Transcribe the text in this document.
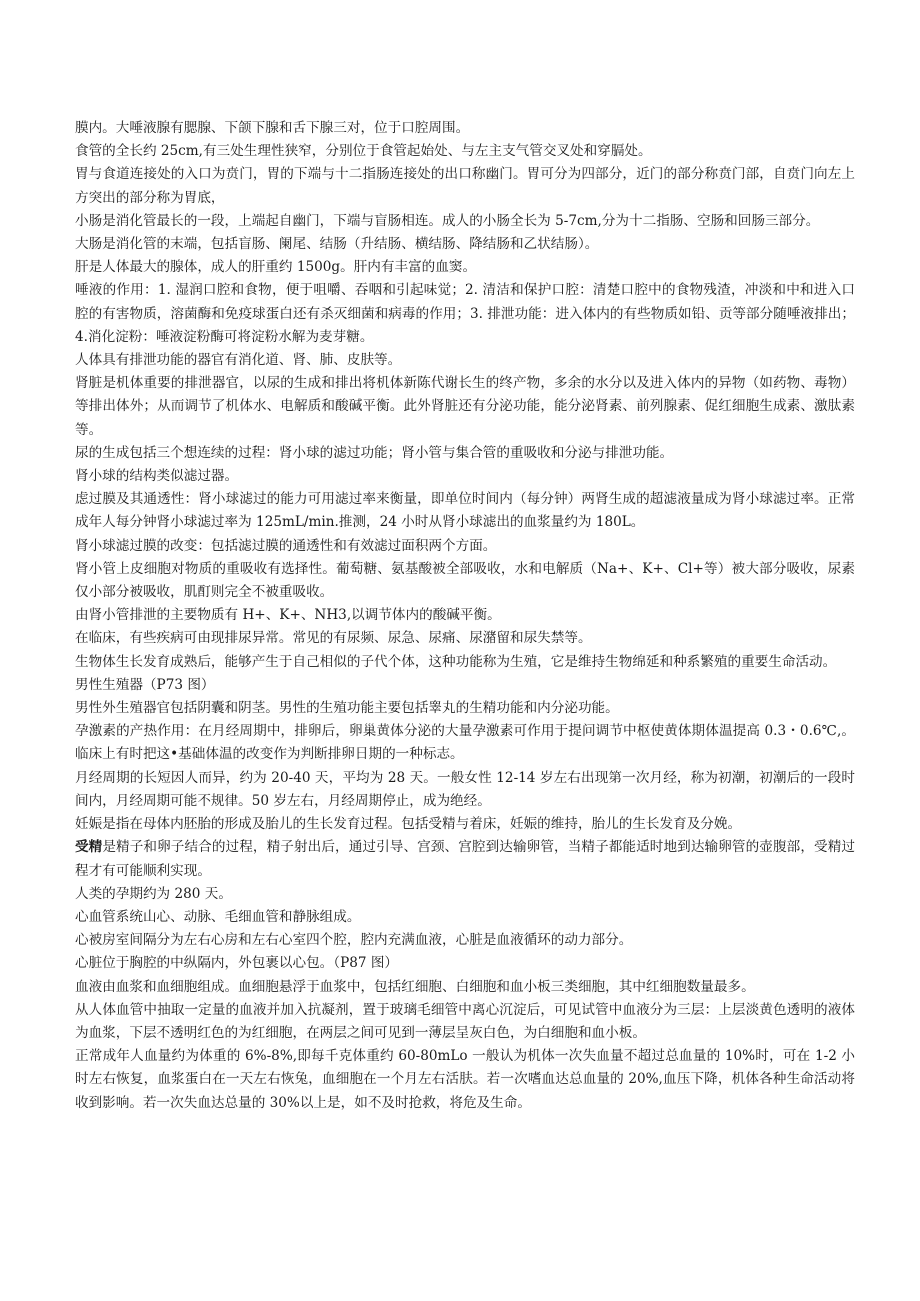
膜内。大唾液腺有腮腺、下颌下腺和舌下腺三对，位于口腔周围。

食管的全长约 25cm,有三处生理性狭窄，分别位于食管起始处、与左主支气管交叉处和穿膈处。

胃与食道连接处的入口为贲门，胃的下端与十二指肠连接处的出口称幽门。胃可分为四部分，近门的部分称贲门部，自贲门向左上方突出的部分称为胃底，

小肠是消化管最长的一段，上端起自幽门，下端与盲肠相连。成人的小肠全长为 5-7cm,分为十二指肠、空肠和回肠三部分。

大肠是消化管的末端，包括盲肠、阑尾、结肠（升结肠、横结肠、降结肠和乙状结肠）。

肝是人体最大的腺体，成人的肝重约 1500g。肝内有丰富的血窦。

唾液的作用：1. 湿润口腔和食物，便于咀嚼、吞咽和引起味觉；2. 清洁和保护口腔：清楚口腔中的食物残渣，冲淡和中和进入口腔的有害物质，溶菌酶和免疫球蛋白还有杀灭细菌和病毒的作用；3. 排泄功能：进入体内的有些物质如铅、贡等部分随唾液排出；4.消化淀粉：唾液淀粉酶可将淀粉水解为麦芽糖。

人体具有排泄功能的器官有消化道、肾、肺、皮肤等。

肾脏是机体重要的排泄器官，以尿的生成和排出将机体新陈代谢长生的终产物，多余的水分以及进入体内的异物（如药物、毒物）等排出体外；从而调节了机体水、电解质和酸碱平衡。此外肾脏还有分泌功能，能分泌肾素、前列腺素、促红细胞生成素、激肽素等。

尿的生成包括三个想连续的过程：肾小球的滤过功能；肾小管与集合管的重吸收和分泌与排泄功能。

肾小球的结构类似滤过器。

虑过膜及其通透性：肾小球滤过的能力可用滤过率来衡量，即单位时间内（每分钟）两肾生成的超滤液量成为肾小球滤过率。正常成年人每分钟肾小球滤过率为 125mL/min.推测，24 小时从肾小球滤出的血浆量约为 180L。

肾小球滤过膜的改变：包括滤过膜的通透性和有效滤过面积两个方面。

肾小管上皮细胞对物质的重吸收有选择性。葡萄糖、氨基酸被全部吸收，水和电解质（Na+、K+、Cl+等）被大部分吸收，尿素仅小部分被吸收，肌酊则完全不被重吸收。

由肾小管排泄的主要物质有 H+、K+、NH3,以调节体内的酸碱平衡。

在临床，有些疾病可由现排尿异常。常见的有尿频、尿急、尿痛、尿潴留和尿失禁等。

生物体生长发育成熟后，能够产生于自己相似的子代个体，这种功能称为生殖，它是维持生物绵延和种系繁殖的重要生命活动。

男性生殖器（P73 图）

男性外生殖器官包括阴囊和阴茎。男性的生殖功能主要包括睾丸的生精功能和内分泌功能。

孕激素的产热作用：在月经周期中，排卵后，卵巢黄体分泌的大量孕激素可作用于提问调节中枢使黄体期体温提高 0.3・0.6℃,。临床上有时把这•基础体温的改变作为判断排卵日期的一种标志。

月经周期的长短因人而异，约为 20-40 天，平均为 28 天。一般女性 12-14 岁左右出现第一次月经，称为初潮，初潮后的一段时间内，月经周期可能不规律。50 岁左右，月经周期停止，成为绝经。

妊娠是指在母体内胚胎的形成及胎儿的生长发育过程。包括受精与着床，妊娠的维持，胎儿的生长发育及分娩。

受精是精子和卵子结合的过程，精子射出后，通过引导、宫颈、宫腔到达输卵管，当精子都能适时地到达输卵管的壶腹部，受精过程才有可能顺利实现。

人类的孕期约为 280 天。

心血管系统山心、动脉、毛细血管和静脉组成。

心被房室间隔分为左右心房和左右心室四个腔，腔内充满血液，心脏是血液循环的动力部分。

心脏位于胸腔的中纵隔内，外包裹以心包。（P87 图）

血液由血浆和血细胞组成。血细胞悬浮于血浆中，包括红细胞、白细胞和血小板三类细胞，其中红细胞数量最多。

从人体血管中抽取一定量的血液并加入抗凝剂，置于玻璃毛细管中离心沉淀后，可见试管中血液分为三层：上层淡黄色透明的液体为血浆，下层不透明红色的为红细胞，在两层之间可见到一薄层呈灰白色，为白细胞和血小板。

正常成年人血量约为体重的 6%-8%,即每千克体重约 60-80mLo 一般认为机体一次失血量不超过总血量的 10%时，可在 1-2 小时左右恢复，血浆蛋白在一天左右恢兔，血细胞在一个月左右活肤。若一次嗜血达总血量的 20%,血压下降，机体各种生命活动将收到影响。若一次失血达总量的 30%以上是，如不及时抢救，将危及生命。
